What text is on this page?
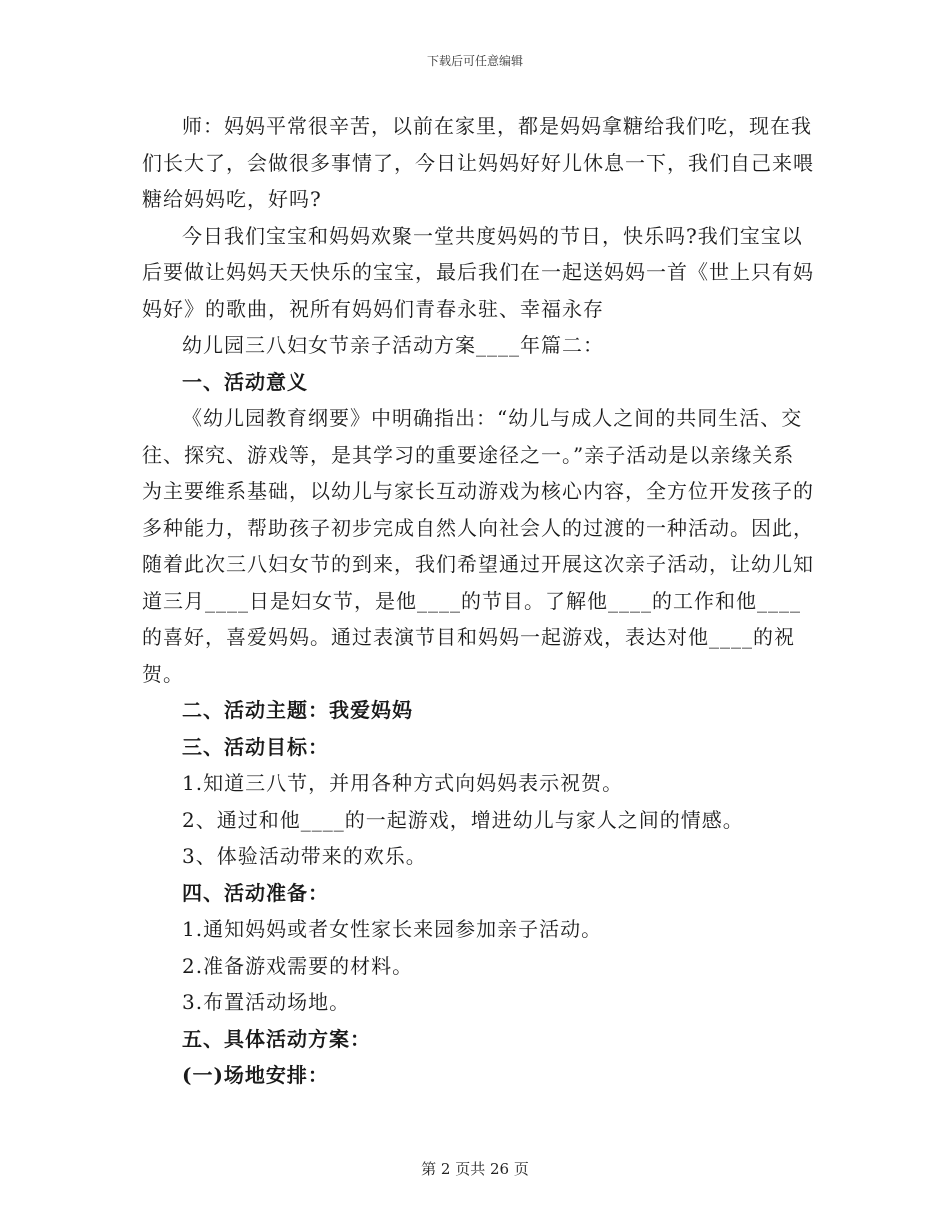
下载后可任意编辑

师：妈妈平常很辛苦，以前在家里，都是妈妈拿糖给我们吃，现在我们长大了，会做很多事情了，今日让妈妈好好儿休息一下，我们自己来喂糖给妈妈吃，好吗?

今日我们宝宝和妈妈欢聚一堂共度妈妈的节日，快乐吗?我们宝宝以后要做让妈妈天天快乐的宝宝，最后我们在一起送妈妈一首《世上只有妈妈好》的歌曲，祝所有妈妈们青春永驻、幸福永存

幼儿园三八妇女节亲子活动方案____年篇二：

一、活动意义

《幼儿园教育纲要》中明确指出：“幼儿与成人之间的共同生活、交往、探究、游戏等，是其学习的重要途径之一。”亲子活动是以亲缘关系为主要维系基础，以幼儿与家长互动游戏为核心内容，全方位开发孩子的多种能力，帮助孩子初步完成自然人向社会人的过渡的一种活动。因此，随着此次三八妇女节的到来，我们希望通过开展这次亲子活动，让幼儿知道三月____日是妇女节，是他____的节目。了解他____的工作和他____的喜好，喜爱妈妈。通过表演节目和妈妈一起游戏，表达对他____的祝贺。

二、活动主题：我爱妈妈

三、活动目标：

1.知道三八节，并用各种方式向妈妈表示祝贺。

2、通过和他____的一起游戏，增进幼儿与家人之间的情感。

3、体验活动带来的欢乐。

四、活动准备：

1.通知妈妈或者女性家长来园参加亲子活动。

2.准备游戏需要的材料。

3.布置活动场地。

五、具体活动方案：

(一)场地安排：

第 2 页共 26 页
